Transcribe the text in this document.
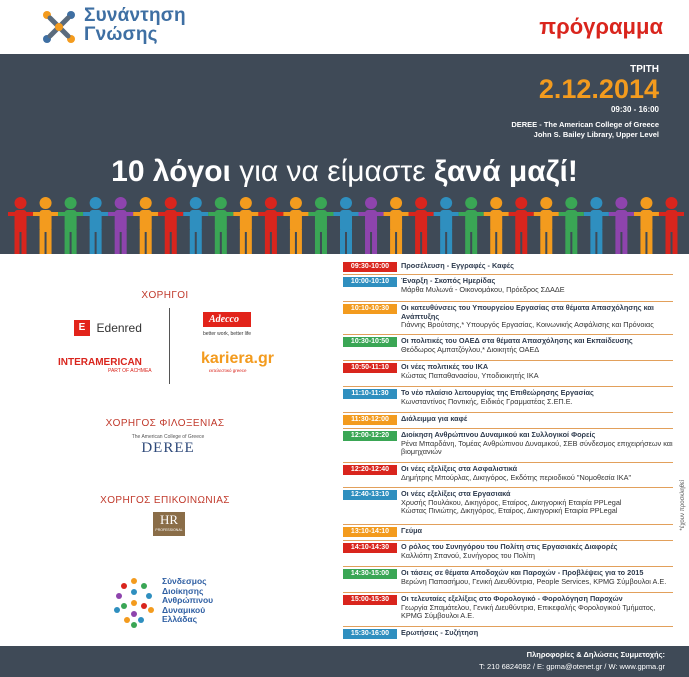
Συνάντηση
Γνώσης	πρόγραμμα
ΤΡΙΤΗ
2.12.2014
09:30 - 16:00
DEREE - The American College of Greece
John S. Bailey Library, Upper Level
10 λόγοι για να είμαστε ξανά μαζί!
ΧΟΡΗΓΟΙ
E Edenred
Adecco
better work, better life
INTERAMERICAN
PART OF ACHMEA
kariera.gr
εκτελεστικό greece
ΧΟΡΗΓΟΣ ΦΙΛΟΞΕΝΙΑΣ
The American College of Greece
DEREE
ΧΟΡΗΓΟΣ ΕΠΙΚΟΙΝΩΝΙΑΣ
HR
PROFESSIONAL
Σύνδεσμος
Διοίκησης
Ανθρώπινου
Δυναμικού
Ελλάδας
09:30-10:00	Προσέλευση - Εγγραφές - Καφές
10:00-10:10	Έναρξη - Σκοπός Ημερίδας
Μάρθα Μυλωνά - Οικονομάκου, Πρόεδρος ΣΔΑΔΕ
10:10-10:30	Οι κατευθύνσεις του Υπουργείου Εργασίας στα θέματα Απασχόλησης και Ανάπτυξης
Γιάννης Βρούτσης,* Υπουργός Εργασίας, Κοινωνικής Ασφάλισης και Πρόνοιας
10:30-10:50	Οι πολιτικές του ΟΑΕΔ στα θέματα Απασχόλησης και Εκπαίδευσης
Θεόδωρος Αμπατζόγλου,* Διοικητής ΟΑΕΔ
10:50-11:10	Οι νέες πολιτικές του ΙΚΑ
Κώστας Παπαθανασίου, Υποδιοικητής ΙΚΑ
11:10-11:30	Το νέο πλαίσιο λειτουργίας της Επιθεώρησης Εργασίας
Κωνσταντίνος Ποντικής, Ειδικός Γραμματέας Σ.ΕΠ.Ε.
11:30-12:00	Διάλειμμα για καφέ
12:00-12:20	Διοίκηση Ανθρώπινου Δυναμικού και Συλλογικοί Φορείς
Ρένα Μπαρδάνη, Τομέας Ανθρώπινου Δυναμικού, ΣΕΒ σύνδεσμος επιχειρήσεων και βιομηχανιών
12:20-12:40	Οι νέες εξελίξεις στα Ασφαλιστικά
Δημήτρης Μπούρλας, Δικηγόρος, Εκδότης περιοδικού "Νομοθεσία ΙΚΑ"
12:40-13:10	Οι νέες εξελίξεις στα Εργασιακά
Χρυσής Πουλάκου, Δικηγόρος, Εταίρος, Δικηγορική Εταιρία PPLegal
Κώστας Πινιώτης, Δικηγόρος, Εταίρος, Δικηγορική Εταιρία PPLegal
13:10-14:10	Γεύμα
14:10-14:30	Ο ρόλος του Συνηγόρου του Πολίτη στις Εργασιακές Διαφορές
Καλλιόπη Σπανού, Συνήγορος του Πολίτη
14:30-15:00	Οι τάσεις σε θέματα Αποδοχών και Παροχών - Προβλέψεις για το 2015
Βερώνη Παπασήμου, Γενική Διευθύντρια, People Services, KPMG Σύμβουλοι Α.Ε.
15:00-15:30	Οι τελευταίες εξελίξεις στο Φορολογικό - Φορολόγηση Παροχών
Γεωργία Σπαμάτελου, Γενική Διευθύντρια, Επικεφαλής Φορολογικού Τμήματος,
KPMG Σύμβουλοι Α.Ε.
15:30-16:00	Ερωτήσεις - Συζήτηση
*έχουν προσκληθεί
Πληροφορίες & Δηλώσεις Συμμετοχής:
T: 210 6824092 / E: gpma@otenet.gr / W: www.gpma.gr
